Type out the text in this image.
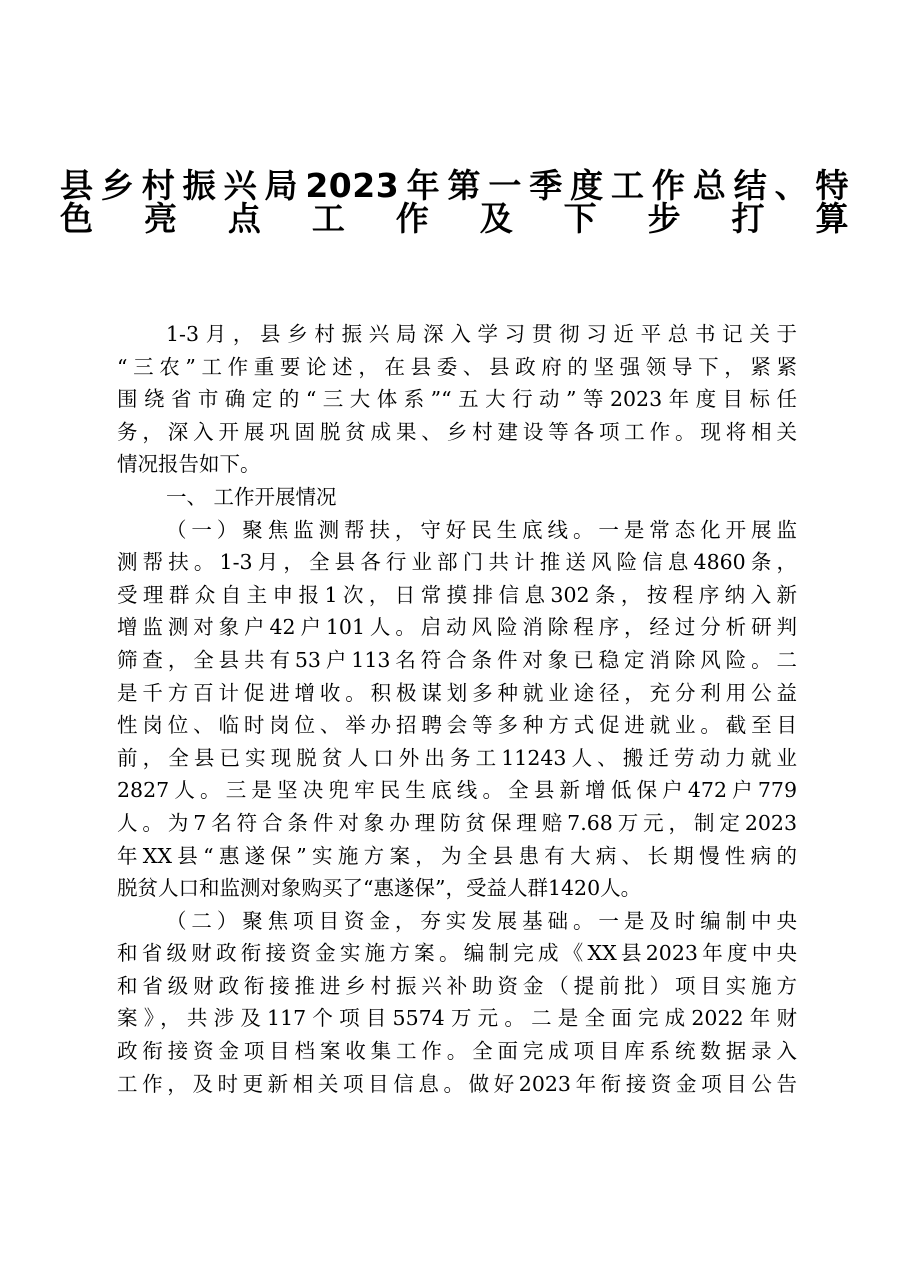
县乡村振兴局2023年第一季度工作总结、特
色亮点工作及下步打算
1-3月，县乡村振兴局深入学习贯彻习近平总书记关于
“三农”工作重要论述，在县委、县政府的坚强领导下，紧紧
围绕省市确定的“三大体系”“五大行动”等2023年度目标任
务，深入开展巩固脱贫成果、乡村建设等各项工作。现将相关
情况报告如下。
一、 工作开展情况
（一）聚焦监测帮扶，守好民生底线。一是常态化开展监
测帮扶。1-3月，全县各行业部门共计推送风险信息4860条，
受理群众自主申报1次，日常摸排信息302条，按程序纳入新
增监测对象户42户101人。启动风险消除程序，经过分析研判
筛查，全县共有53户113名符合条件对象已稳定消除风险。二
是千方百计促进增收。积极谋划多种就业途径，充分利用公益
性岗位、临时岗位、举办招聘会等多种方式促进就业。截至目
前，全县已实现脱贫人口外出务工11243人、搬迁劳动力就业
2827人。三是坚决兜牢民生底线。全县新增低保户472户779
人。为7名符合条件对象办理防贫保理赔7.68万元，制定2023
年XX县“惠遂保”实施方案，为全县患有大病、长期慢性病的
脱贫人口和监测对象购买了“惠遂保”，受益人群1420人。
（二）聚焦项目资金，夯实发展基础。一是及时编制中央
和省级财政衔接资金实施方案。编制完成《XX县2023年度中央
和省级财政衔接推进乡村振兴补助资金（提前批）项目实施方
案》，共涉及117个项目5574万元。二是全面完成2022年财
政衔接资金项目档案收集工作。全面完成项目库系统数据录入
工作，及时更新相关项目信息。做好2023年衔接资金项目公告
